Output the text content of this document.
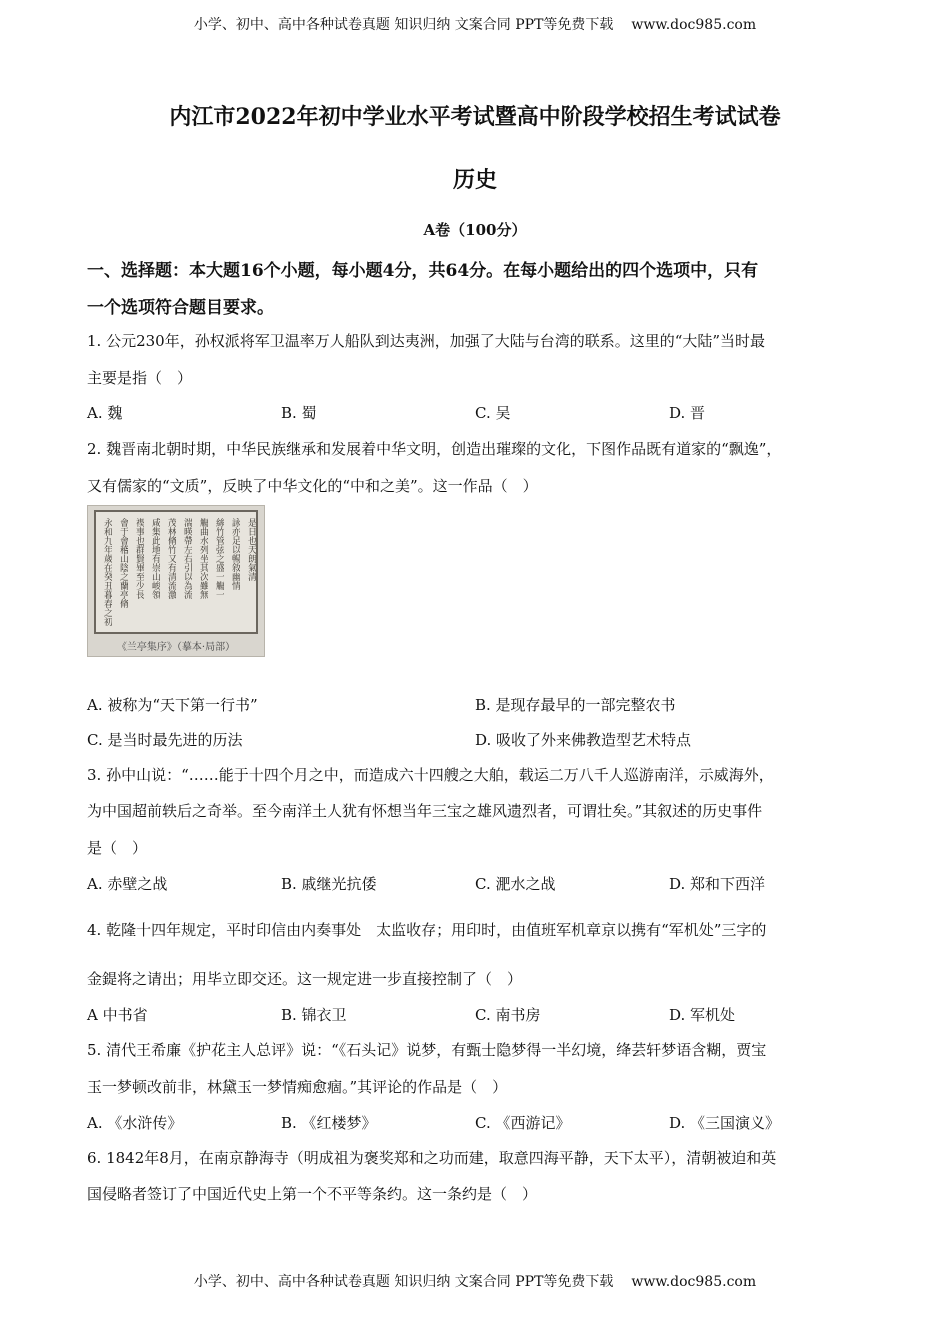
小学、初中、高中各种试卷真题 知识归纳 文案合同 PPT等免费下载 www.doc985.com
内江市2022年初中学业水平考试暨高中阶段学校招生考试试卷
历史
A卷（100分）
一、选择题：本大题16个小题，每小题4分，共64分。在每小题给出的四个选项中，只有
一个选项符合题目要求。
1. 公元230年，孙权派将军卫温率万人船队到达夷洲，加强了大陆与台湾的联系。这里的“大陆”当时最
主要是指（　）
A. 魏	B. 蜀	C. 吴	D. 晋
2. 魏晋南北朝时期，中华民族继承和发展着中华文明，创造出璀璨的文化，下图作品既有道家的“飘逸”，
又有儒家的“文质”，反映了中华文化的“中和之美”。这一作品（　）
永和九年歲在癸丑暮春之初 會于會稽山陰之蘭亭脩 禊事也群賢畢至少長 咸集此地有崇山峻領 茂林脩竹又有清流激 湍暎帶左右引以為流 觴曲水列坐其次雖無 絲竹管弦之盛一觴一 詠亦足以暢敘幽情 是日也天朗氣清
《兰亭集序》（摹本·局部）
A. 被称为“天下第一行书”	B. 是现存最早的一部完整农书
C. 是当时最先进的历法	D. 吸收了外来佛教造型艺术特点
3. 孙中山说：“……能于十四个月之中，而造成六十四艘之大舶，载运二万八千人巡游南洋，示威海外，
为中国超前轶后之奇举。至今南洋土人犹有怀想当年三宝之雄风遗烈者，可谓壮矣。”其叙述的历史事件
是（　）
A. 赤壁之战	B. 戚继光抗倭	C. 淝水之战	D. 郑和下西洋
4. 乾隆十四年规定，平时印信由内奏事处　太监收存；用印时，由值班军机章京以携有“军机处”三字的
金鍉将之请出；用毕立即交还。这一规定进一步直接控制了（　）
A 中书省	B. 锦衣卫	C. 南书房	D. 军机处
5. 清代王希廉《护花主人总评》说：“《石头记》说梦，有甄士隐梦得一半幻境，绛芸轩梦语含糊，贾宝
玉一梦顿改前非，林黛玉一梦情痴愈痼。”其评论的作品是（　）
A. 《水浒传》	B. 《红楼梦》	C. 《西游记》	D. 《三国演义》
6. 1842年8月，在南京静海寺（明成祖为褒奖郑和之功而建，取意四海平静，天下太平），清朝被迫和英
国侵略者签订了中国近代史上第一个不平等条约。这一条约是（　）
小学、初中、高中各种试卷真题 知识归纳 文案合同 PPT等免费下载 www.doc985.com
